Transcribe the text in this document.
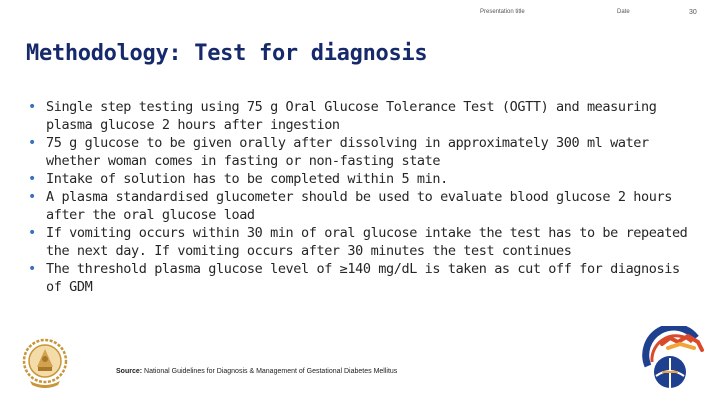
Presentation title	Date	30
Methodology: Test for diagnosis
• Single step testing using 75 g Oral Glucose Tolerance Test (OGTT) and measuring plasma glucose 2 hours after ingestion
• 75 g glucose to be given orally after dissolving in approximately 300 ml water whether woman comes in fasting or non-fasting state
• Intake of solution has to be completed within 5 min.
• A plasma standardised glucometer should be used to evaluate blood glucose 2 hours after the oral glucose load
• If vomiting occurs within 30 min of oral glucose intake the test has to be repeated the next day. If vomiting occurs after 30 minutes the test continues
• The threshold plasma glucose level of ≥140 mg/dL is taken as cut off for diagnosis of GDM
Source: National Guidelines for Diagnosis & Management of Gestational Diabetes Mellitus
